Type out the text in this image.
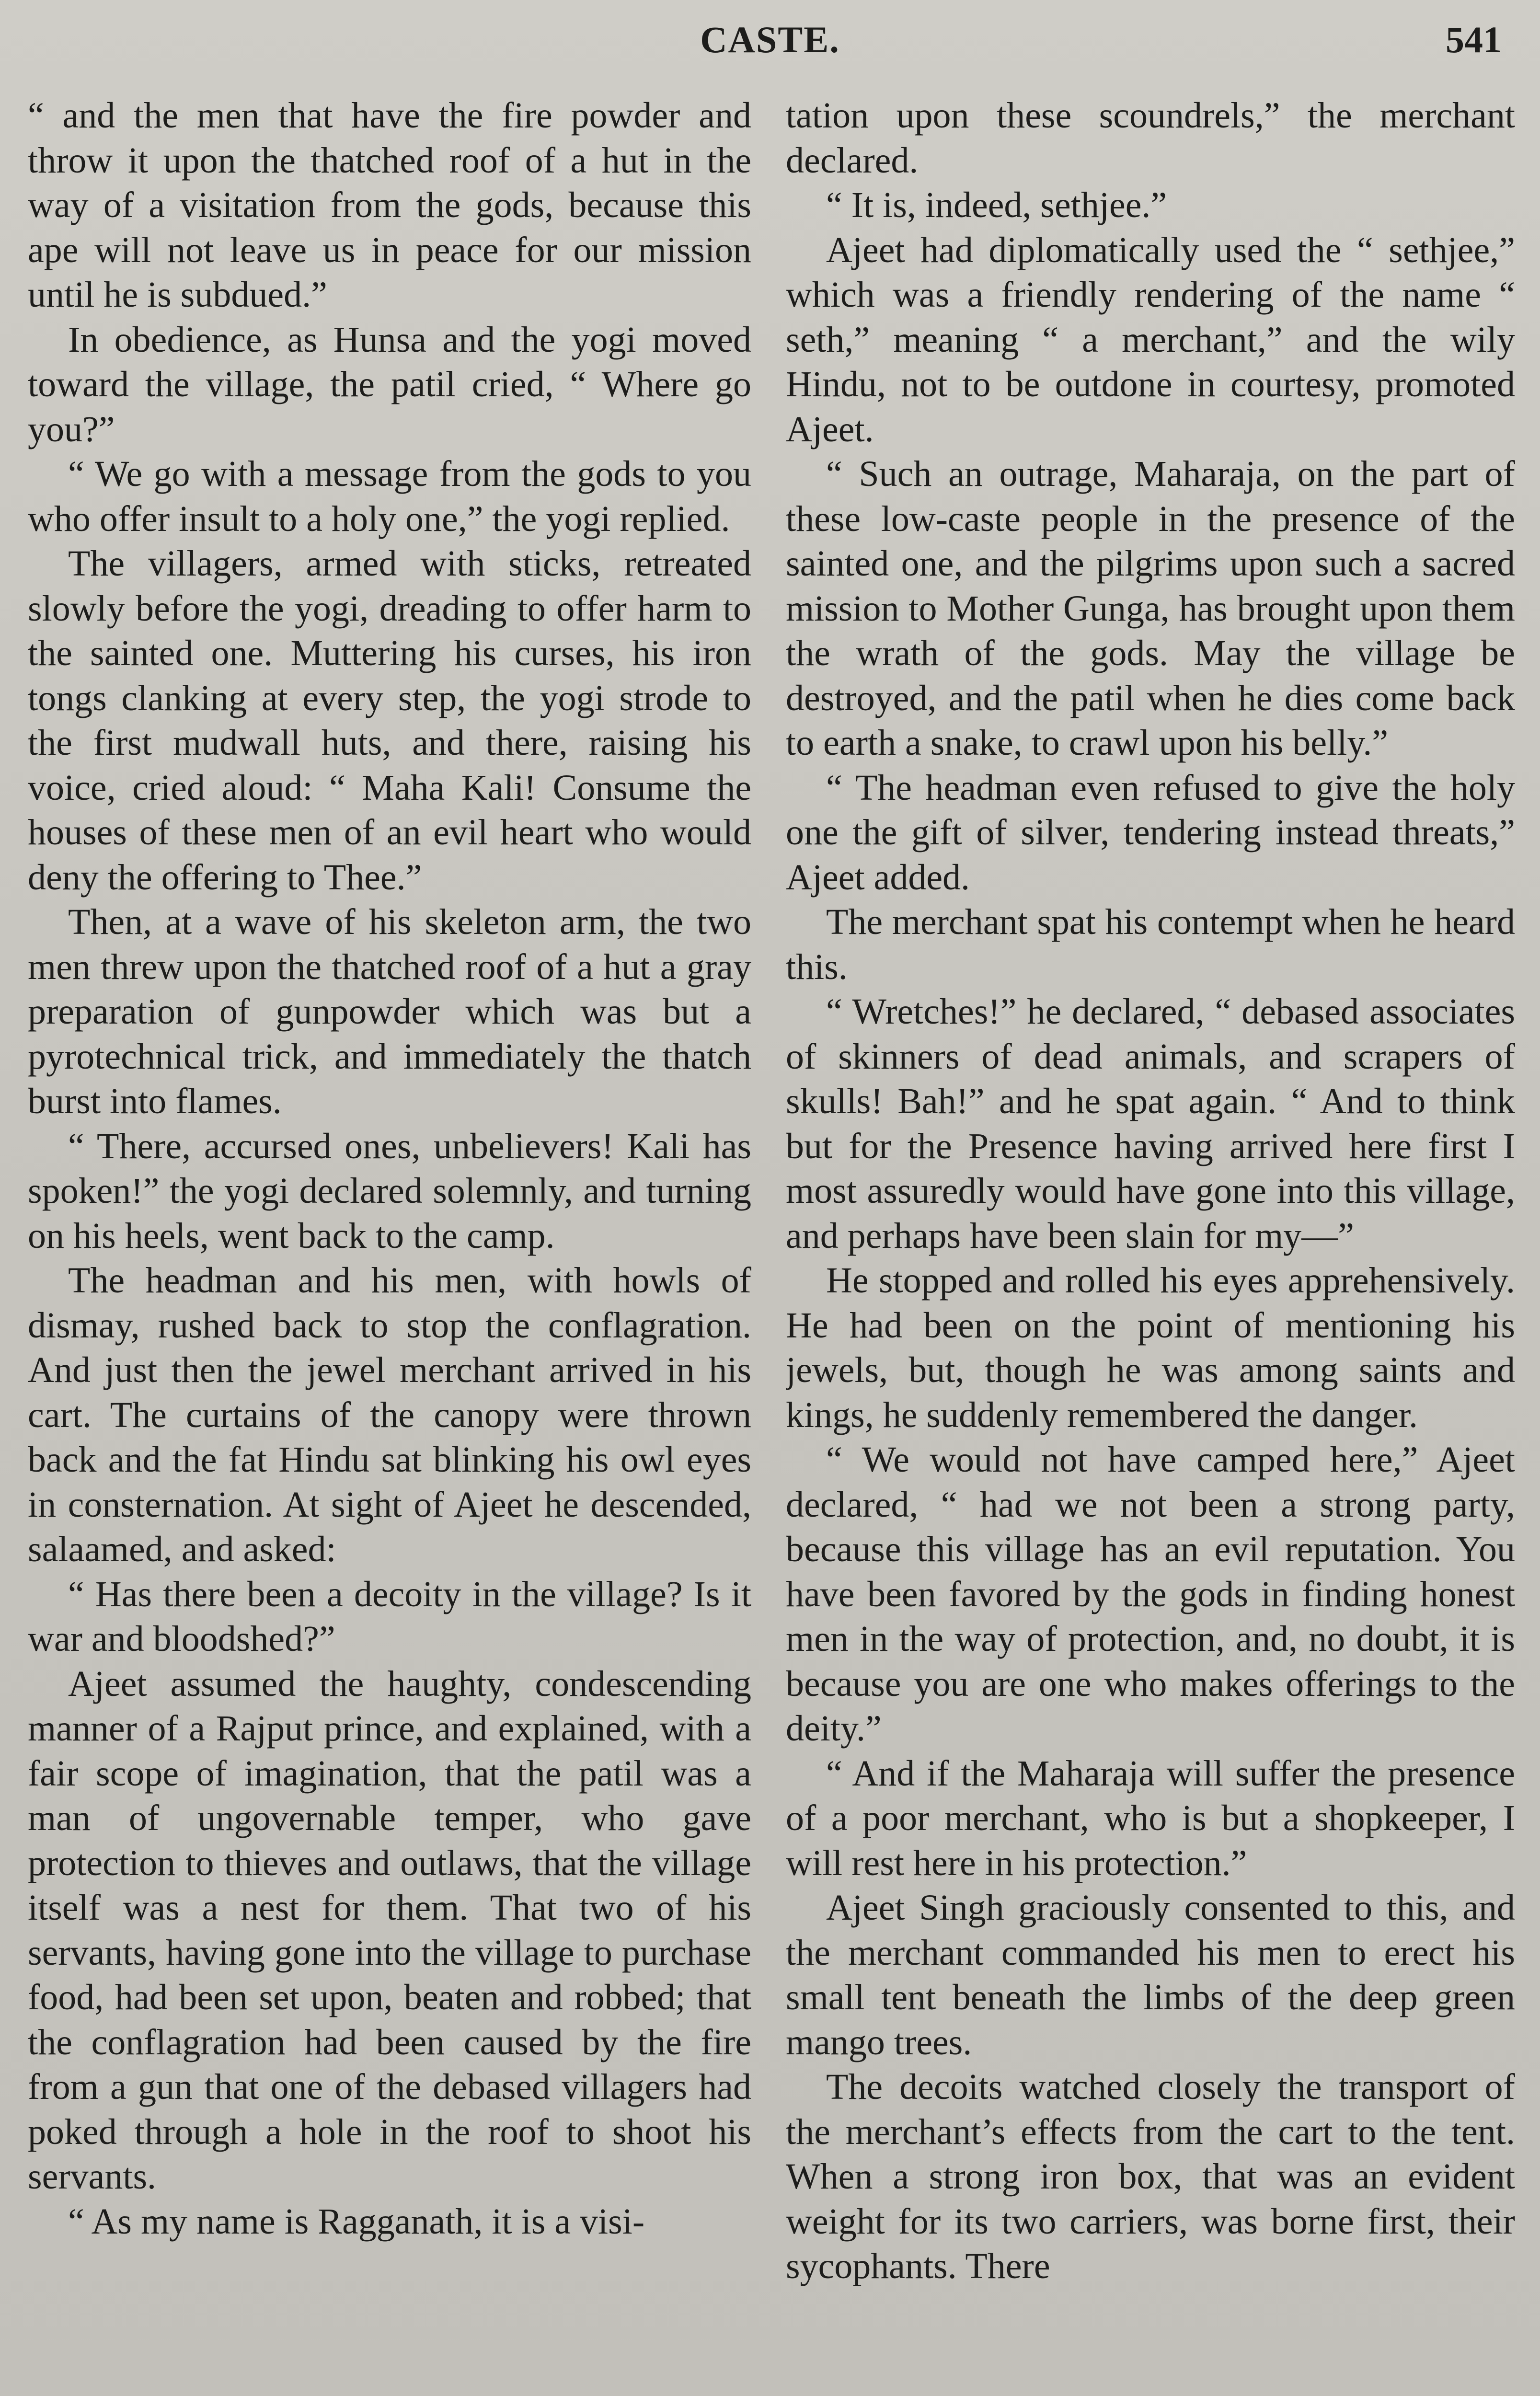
CASTE.	541

“ and the men that have the fire powder and throw it upon the thatched roof of a hut in the way of a visitation from the gods, because this ape will not leave us in peace for our mission until he is subdued.”

In obedience, as Hunsa and the yogi moved toward the village, the patil cried, “ Where go you?”

“ We go with a message from the gods to you who offer insult to a holy one,” the yogi replied.

The villagers, armed with sticks, retreated slowly before the yogi, dreading to offer harm to the sainted one. Muttering his curses, his iron tongs clanking at every step, the yogi strode to the first mudwall huts, and there, raising his voice, cried aloud: “ Maha Kali! Consume the houses of these men of an evil heart who would deny the offering to Thee.”

Then, at a wave of his skeleton arm, the two men threw upon the thatched roof of a hut a gray preparation of gunpowder which was but a pyrotechnical trick, and immediately the thatch burst into flames.

“ There, accursed ones, unbelievers! Kali has spoken!” the yogi declared solemnly, and turning on his heels, went back to the camp.

The headman and his men, with howls of dismay, rushed back to stop the conflagration. And just then the jewel merchant arrived in his cart. The curtains of the canopy were thrown back and the fat Hindu sat blinking his owl eyes in consternation. At sight of Ajeet he descended, salaamed, and asked:

“ Has there been a decoity in the village? Is it war and bloodshed?”

Ajeet assumed the haughty, condescending manner of a Rajput prince, and explained, with a fair scope of imagination, that the patil was a man of ungovernable temper, who gave protection to thieves and outlaws, that the village itself was a nest for them. That two of his servants, having gone into the village to purchase food, had been set upon, beaten and robbed; that the conflagration had been caused by the fire from a gun that one of the debased villagers had poked through a hole in the roof to shoot his servants.

“ As my name is Ragganath, it is a visi-

tation upon these scoundrels,” the merchant declared.

“ It is, indeed, sethjee.”

Ajeet had diplomatically used the “ sethjee,” which was a friendly rendering of the name “ seth,” meaning “ a merchant,” and the wily Hindu, not to be outdone in courtesy, promoted Ajeet.

“ Such an outrage, Maharaja, on the part of these low-caste people in the presence of the sainted one, and the pilgrims upon such a sacred mission to Mother Gunga, has brought upon them the wrath of the gods. May the village be destroyed, and the patil when he dies come back to earth a snake, to crawl upon his belly.”

“ The headman even refused to give the holy one the gift of silver, tendering instead threats,” Ajeet added.

The merchant spat his contempt when he heard this.

“ Wretches!” he declared, “ debased associates of skinners of dead animals, and scrapers of skulls! Bah!” and he spat again. “ And to think but for the Presence having arrived here first I most assuredly would have gone into this village, and perhaps have been slain for my—”

He stopped and rolled his eyes apprehensively. He had been on the point of mentioning his jewels, but, though he was among saints and kings, he suddenly remembered the danger.

“ We would not have camped here,” Ajeet declared, “ had we not been a strong party, because this village has an evil reputation. You have been favored by the gods in finding honest men in the way of protection, and, no doubt, it is because you are one who makes offerings to the deity.”

“ And if the Maharaja will suffer the presence of a poor merchant, who is but a shopkeeper, I will rest here in his protection.”

Ajeet Singh graciously consented to this, and the merchant commanded his men to erect his small tent beneath the limbs of the deep green mango trees.

The decoits watched closely the transport of the merchant’s effects from the cart to the tent. When a strong iron box, that was an evident weight for its two carriers, was borne first, their sycophants. There
